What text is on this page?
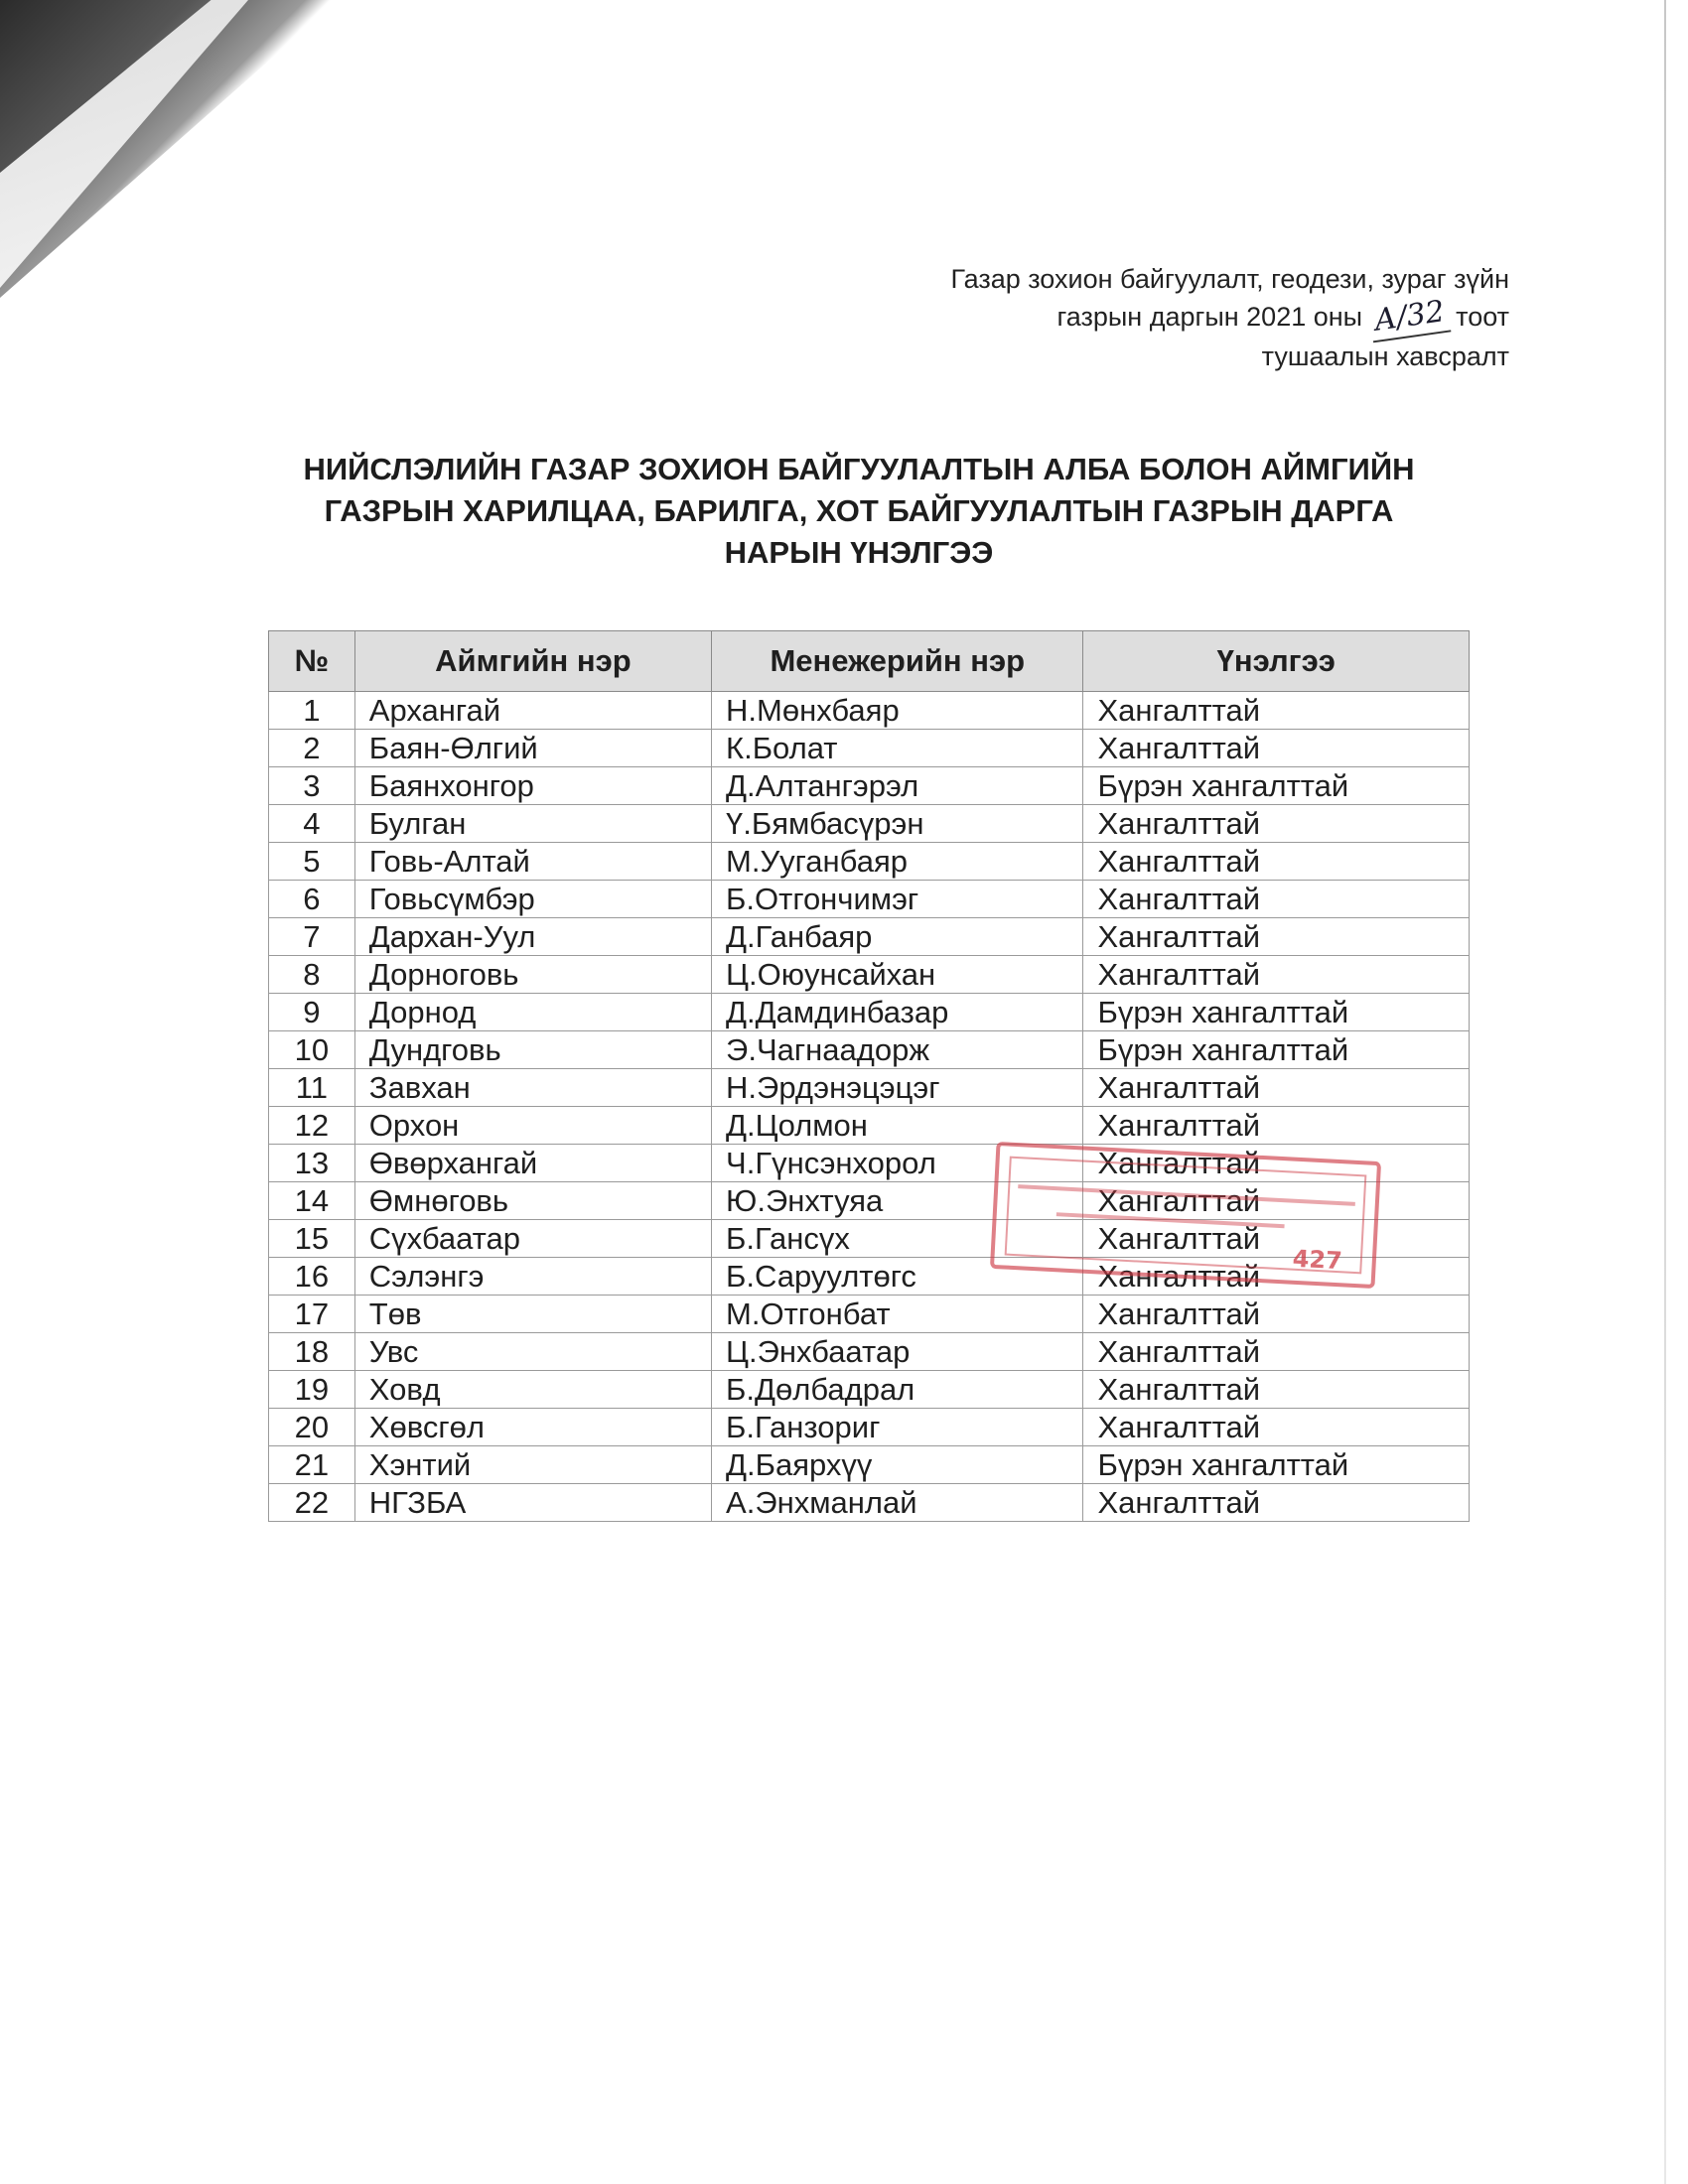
Газар зохион байгуулалт, геодези, зураг зүйн
газрын даргын 2021 оны А/32 тоот
тушаалын хавсралт
НИЙСЛЭЛИЙН ГАЗАР ЗОХИОН БАЙГУУЛАЛТЫН АЛБА БОЛОН АЙМГИЙН
ГАЗРЫН ХАРИЛЦАА, БАРИЛГА, ХОТ БАЙГУУЛАЛТЫН ГАЗРЫН ДАРГА
НАРЫН ҮНЭЛГЭЭ
№	Аймгийн нэр	Менежерийн нэр	Үнэлгээ
1	Архангай	Н.Мөнхбаяр	Хангалттай
2	Баян-Өлгий	К.Болат	Хангалттай
3	Баянхонгор	Д.Алтангэрэл	Бүрэн хангалттай
4	Булган	Ү.Бямбасүрэн	Хангалттай
5	Говь-Алтай	М.Ууганбаяр	Хангалттай
6	Говьсүмбэр	Б.Отгончимэг	Хангалттай
7	Дархан-Уул	Д.Ганбаяр	Хангалттай
8	Дорноговь	Ц.Оюунсайхан	Хангалттай
9	Дорнод	Д.Дамдинбазар	Бүрэн хангалттай
10	Дундговь	Э.Чагнаадорж	Бүрэн хангалттай
11	Завхан	Н.Эрдэнэцэцэг	Хангалттай
12	Орхон	Д.Цолмон	Хангалттай
13	Өвөрхангай	Ч.Гүнсэнхорол	Хангалттай
14	Өмнөговь	Ю.Энхтуяа	Хангалттай
15	Сүхбаатар	Б.Гансүх	Хангалттай
16	Сэлэнгэ	Б.Саруултөгс	Хангалттай
17	Төв	М.Отгонбат	Хангалттай
18	Увс	Ц.Энхбаатар	Хангалттай
19	Ховд	Б.Дөлбадрал	Хангалттай
20	Хөвсгөл	Б.Ганзориг	Хангалттай
21	Хэнтий	Д.Баярхүү	Бүрэн хангалттай
22	НГЗБА	А.Энхманлай	Хангалттай
427
